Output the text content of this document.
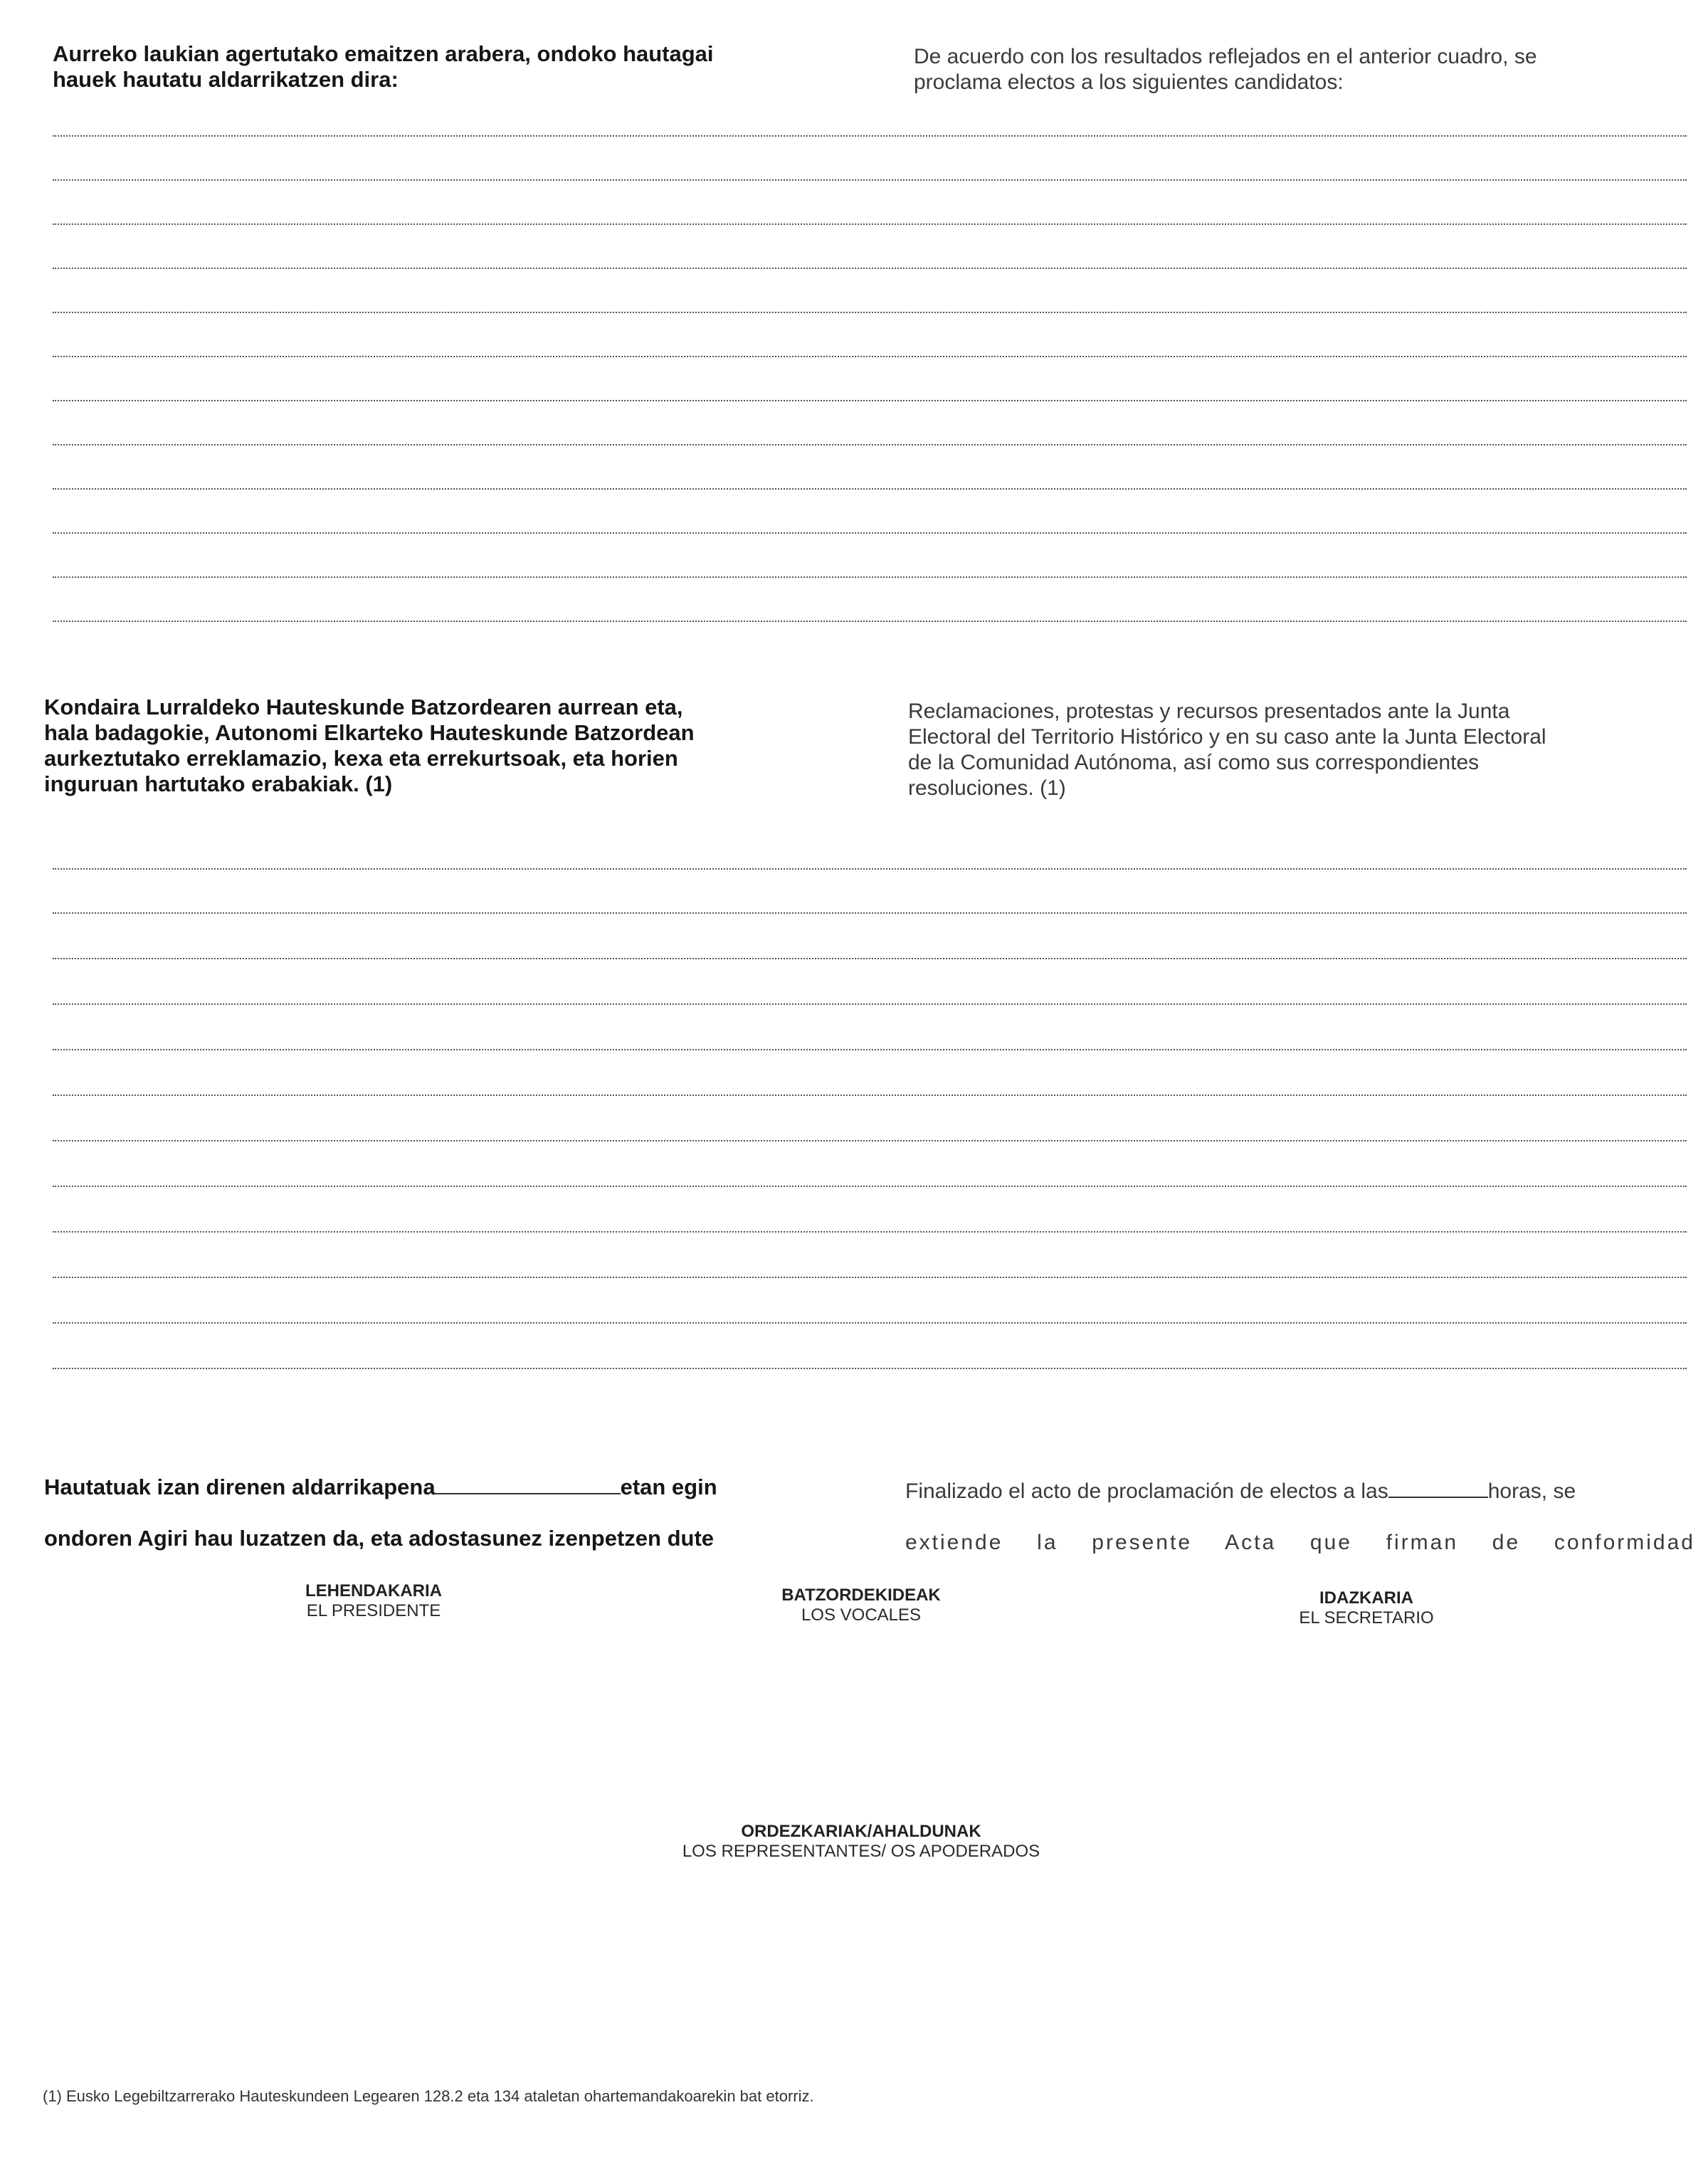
Aurreko laukian agertutako emaitzen arabera, ondoko hautagai
hauek hautatu aldarrikatzen dira:
De acuerdo con los resultados reflejados en el anterior cuadro, se
proclama electos a los siguientes candidatos:
Kondaira Lurraldeko Hauteskunde Batzordearen aurrean eta,
hala badagokie, Autonomi Elkarteko Hauteskunde Batzordean
aurkeztutako erreklamazio, kexa eta errekurtsoak, eta horien
inguruan hartutako erabakiak. (1)
Reclamaciones, protestas y recursos presentados ante la Junta
Electoral del Territorio Histórico y en su caso ante la Junta Electoral
de la Comunidad Autónoma, así como sus correspondientes
resoluciones. (1)

Hautatuak izan direnen aldarrikapena	etan egin

ondoren Agiri hau luzatzen da, eta adostasunez izenpetzen dute

Finalizado el acto de proclamación de electos a las	horas, se

extiende la presente Acta que firman de conformidad

LEHENDAKARIA
EL PRESIDENTE
BATZORDEKIDEAK
LOS VOCALES
IDAZKARIA
EL SECRETARIO
ORDEZKARIAK/AHALDUNAK
LOS REPRESENTANTES/ OS APODERADOS
(1) Eusko Legebiltzarrerako Hauteskundeen Legearen 128.2 eta 134 ataletan ohartemandakoarekin bat etorriz.
